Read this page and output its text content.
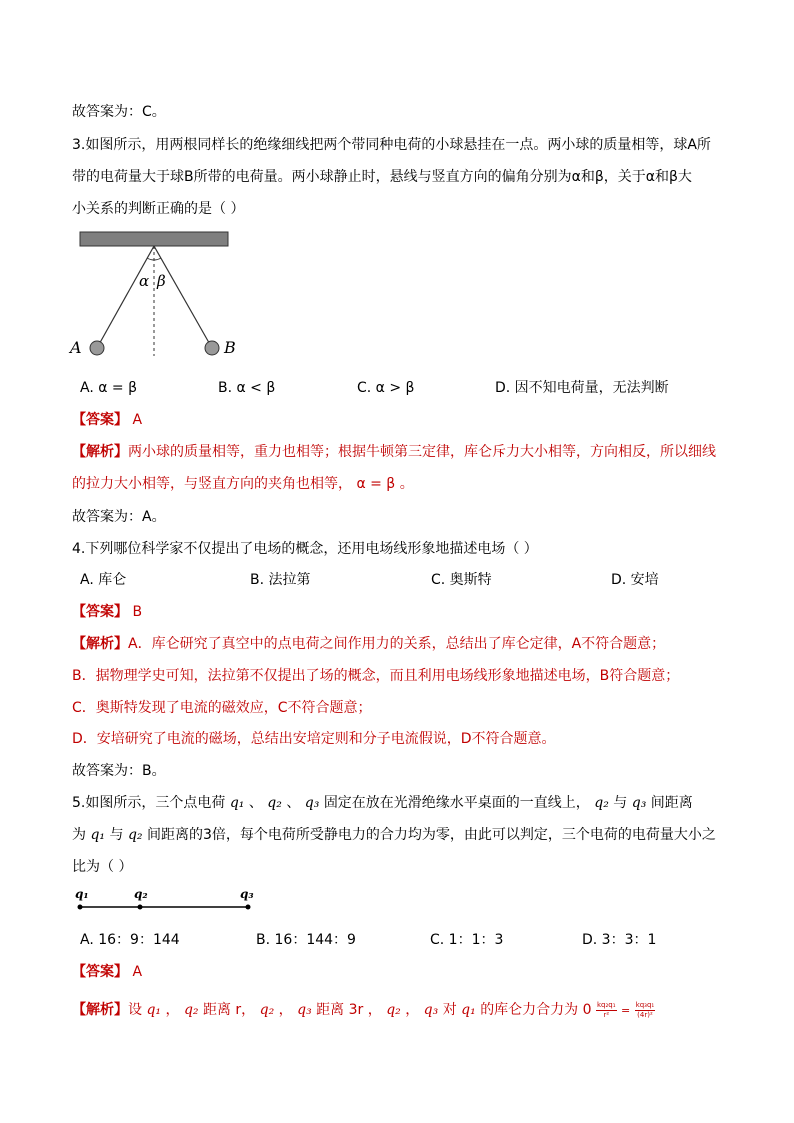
故答案为：C。
3.如图所示，用两根同样长的绝缘细线把两个带同种电荷的小球悬挂在一点。两小球的质量相等，球A所
带的电荷量大于球B所带的电荷量。两小球静止时，悬线与竖直方向的偏角分别为α和β，关于α和β大
小关系的判断正确的是（ ）
α β
A	B
A. α = β	B. α < β	C. α > β	D. 因不知电荷量，无法判断
【答案】 A
【解析】两小球的质量相等，重力也相等；根据牛顿第三定律，库仑斥力大小相等，方向相反，所以细线
的拉力大小相等，与竖直方向的夹角也相等， α = β 。
故答案为：A。
4.下列哪位科学家不仅提出了电场的概念，还用电场线形象地描述电场（ ）
A. 库仑	B. 法拉第	C. 奥斯特	D. 安培
【答案】 B
【解析】A．库仑研究了真空中的点电荷之间作用力的关系，总结出了库仑定律，A不符合题意；
B．据物理学史可知，法拉第不仅提出了场的概念，而且利用电场线形象地描述电场，B符合题意；
C．奥斯特发现了电流的磁效应，C不符合题意；
D．安培研究了电流的磁场，总结出安培定则和分子电流假说，D不符合题意。
故答案为：B。
5.如图所示，三个点电荷 q₁ 、 q₂ 、 q₃ 固定在放在光滑绝缘水平桌面的一直线上， q₂ 与 q₃ 间距离
为 q₁ 与 q₂ 间距离的3倍，每个电荷所受静电力的合力均为零，由此可以判定，三个电荷的电荷量大小之
比为（ ）
q₁	q₂	q₃
A. 16：9：144	B. 16：144：9	C. 1：1：3	D. 3：3：1
【答案】 A
【解析】设 q₁ ， q₂ 距离 r， q₂ ， q₃ 距离 3r ， q₂ ， q₃ 对 q₁ 的库仑力合力为 $0 \frac{\text{kq₂q₁}}{\text{r²}} = \frac{\text{kq₃q₁}}{\text{(4r)²}}$
